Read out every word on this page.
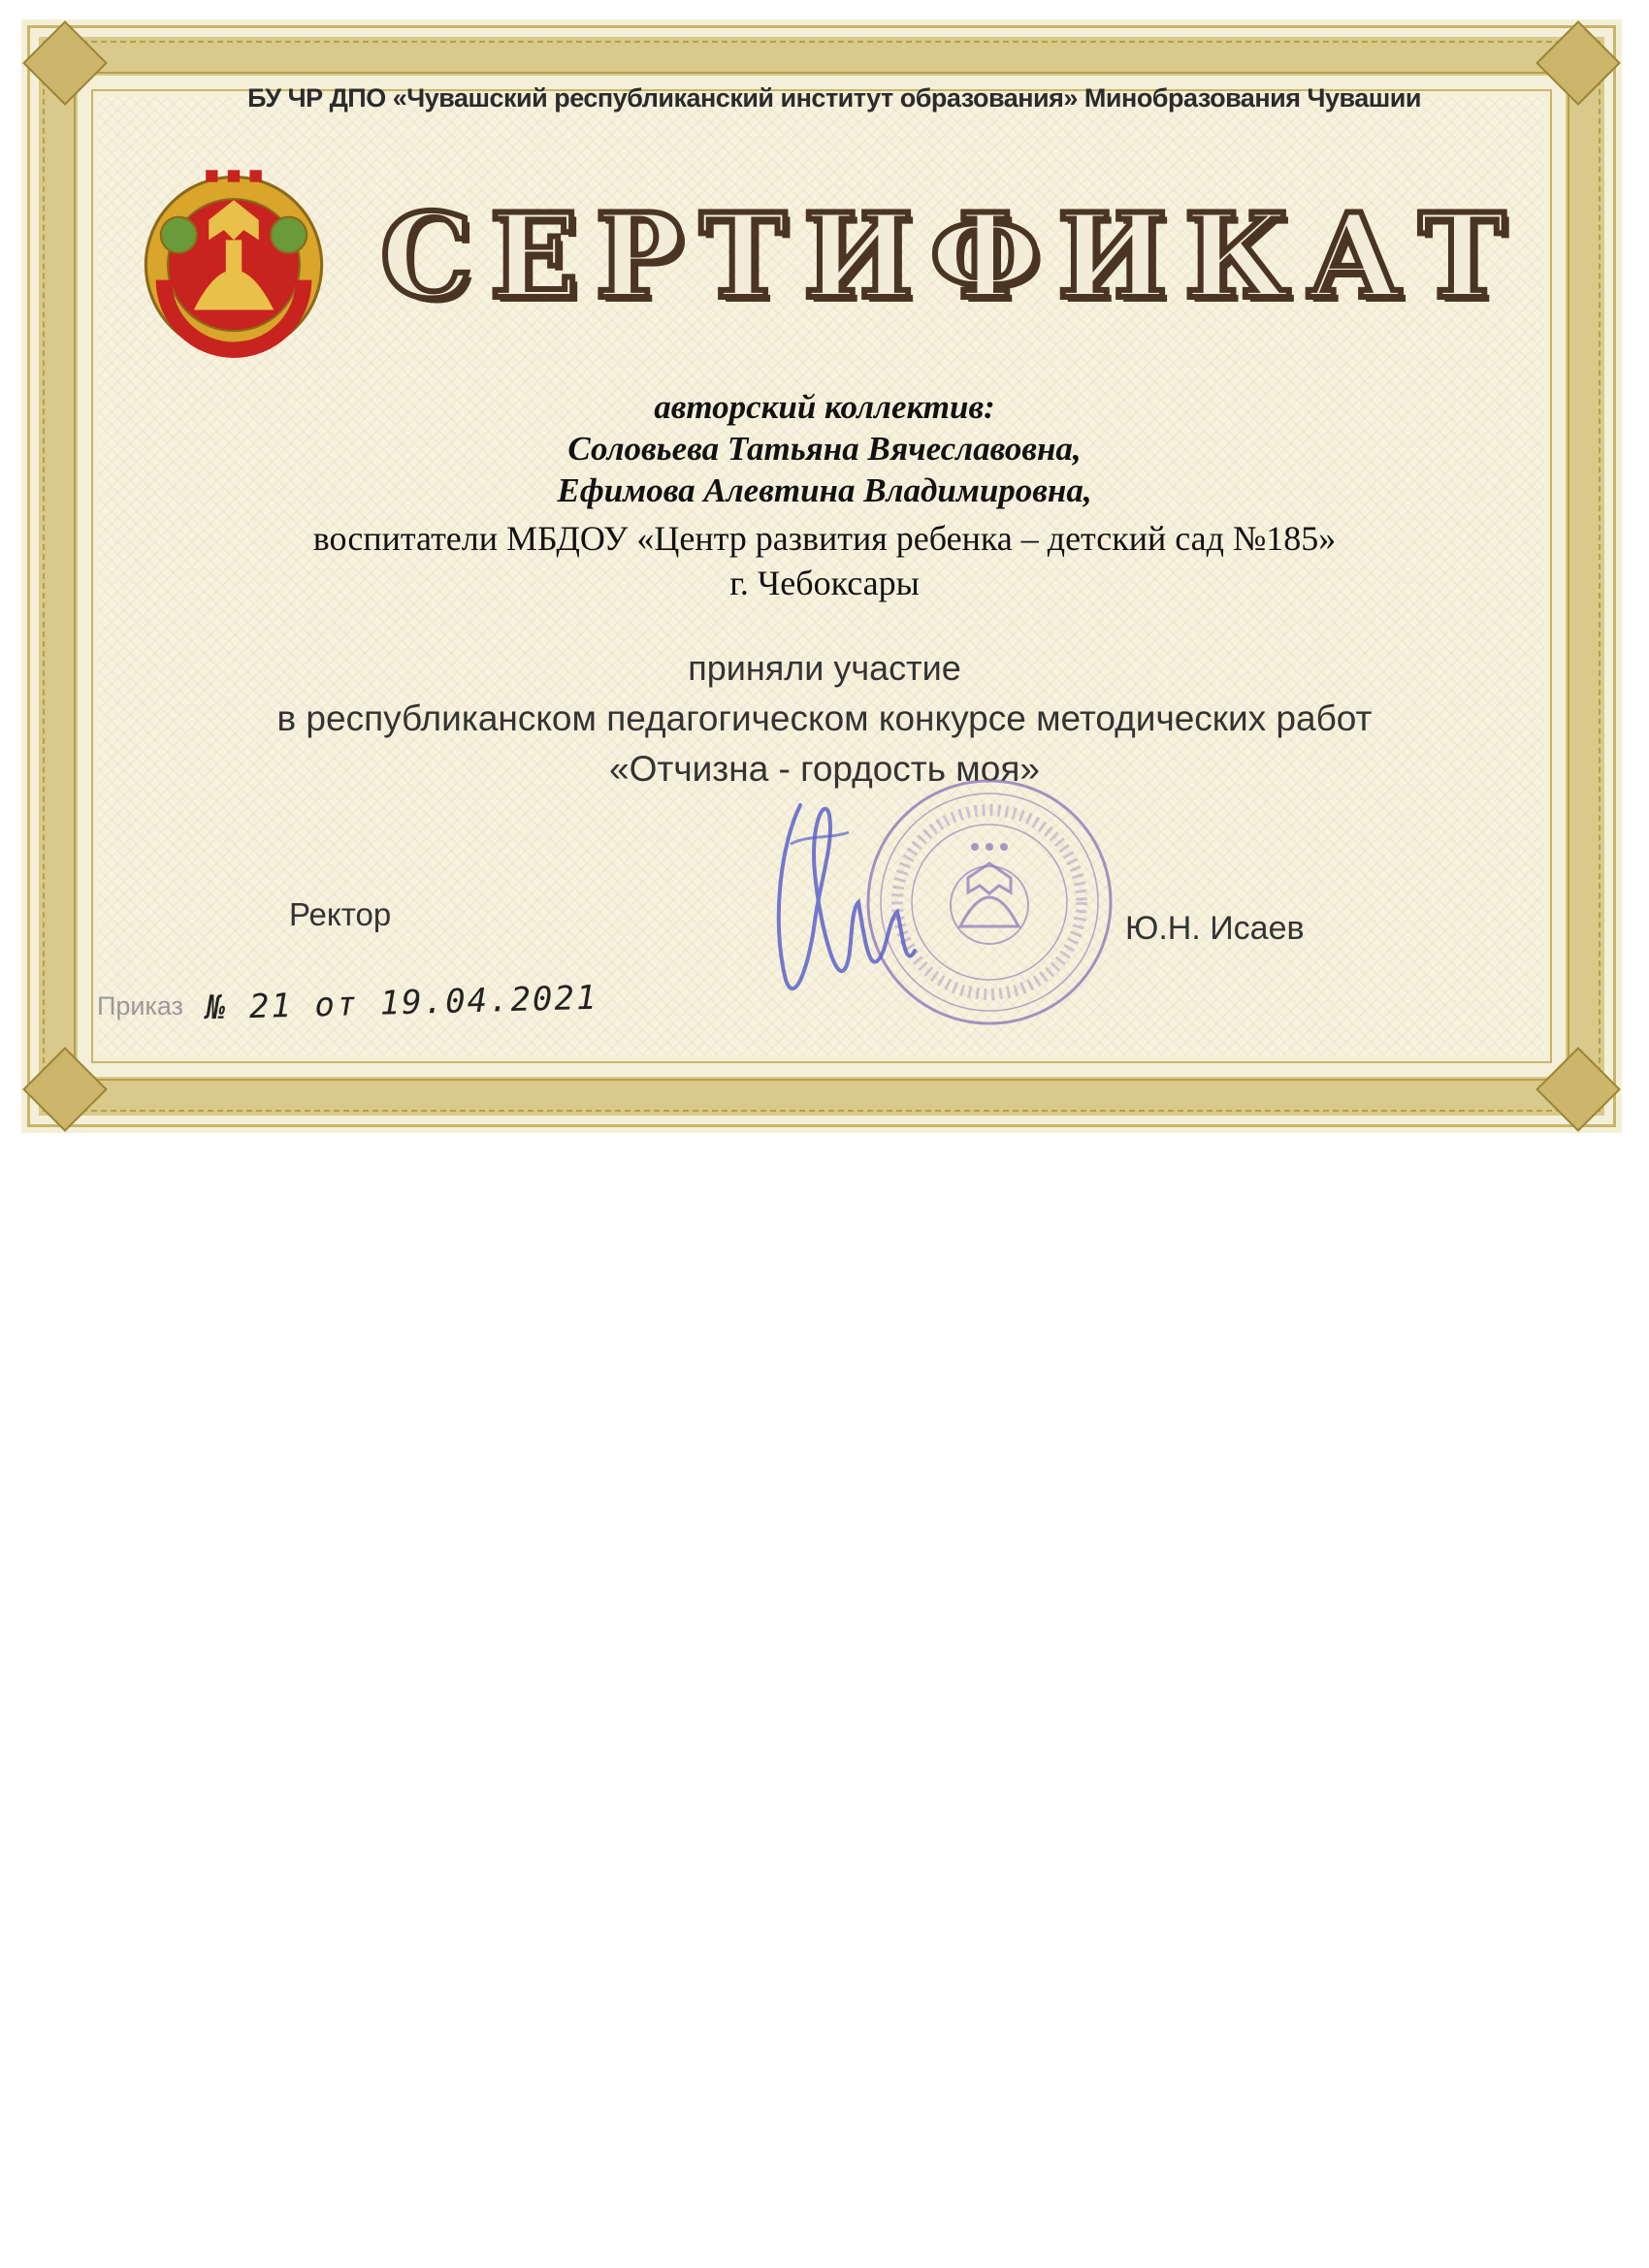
БУ ЧР ДПО «Чувашский республиканский институт образования» Минобразования Чувашии
С Е Р Т И Ф И К А Т
авторский коллектив:
Соловьева Татьяна Вячеславовна,
Ефимова Алевтина Владимировна,
воспитатели МБДОУ «Центр развития ребенка – детский сад №185»
г. Чебоксары
приняли участие
в республиканском педагогическом конкурсе методических работ
«Отчизна - гордость моя»
Ректор	Ю.Н. Исаев
Приказ № 21 от 19.04.2021
